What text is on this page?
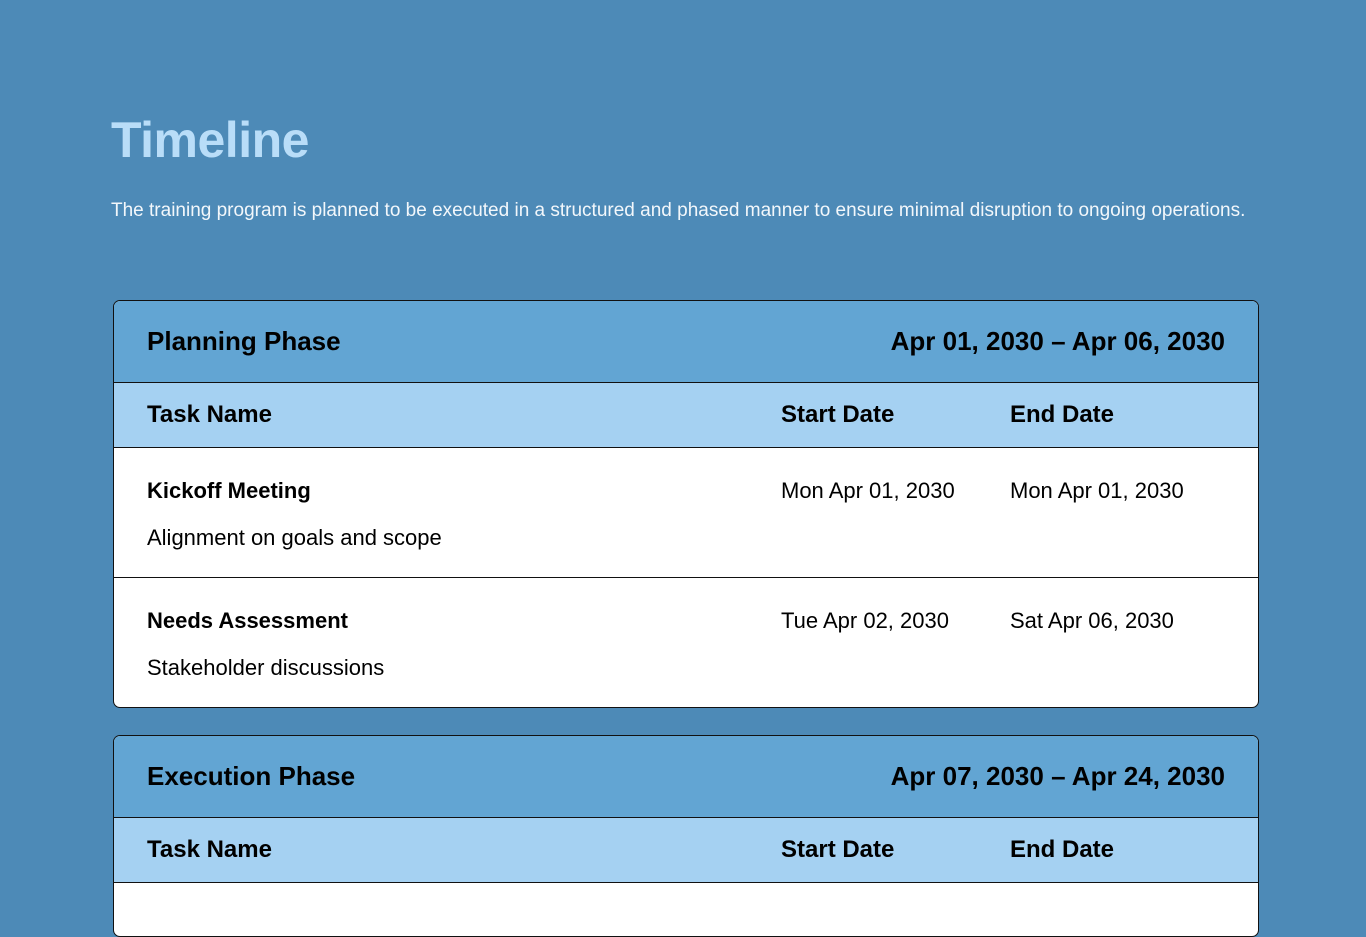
Timeline

The training program is planned to be executed in a structured and phased manner to ensure minimal disruption to ongoing operations.

Planning Phase	Apr 01, 2030 – Apr 06, 2030
Task Name	Start Date	End Date
Kickoff Meeting
Alignment on goals and scope
Mon Apr 01, 2030	Mon Apr 01, 2030
Needs Assessment
Stakeholder discussions
Tue Apr 02, 2030	Sat Apr 06, 2030
Execution Phase	Apr 07, 2030 – Apr 24, 2030
Task Name	Start Date	End Date
